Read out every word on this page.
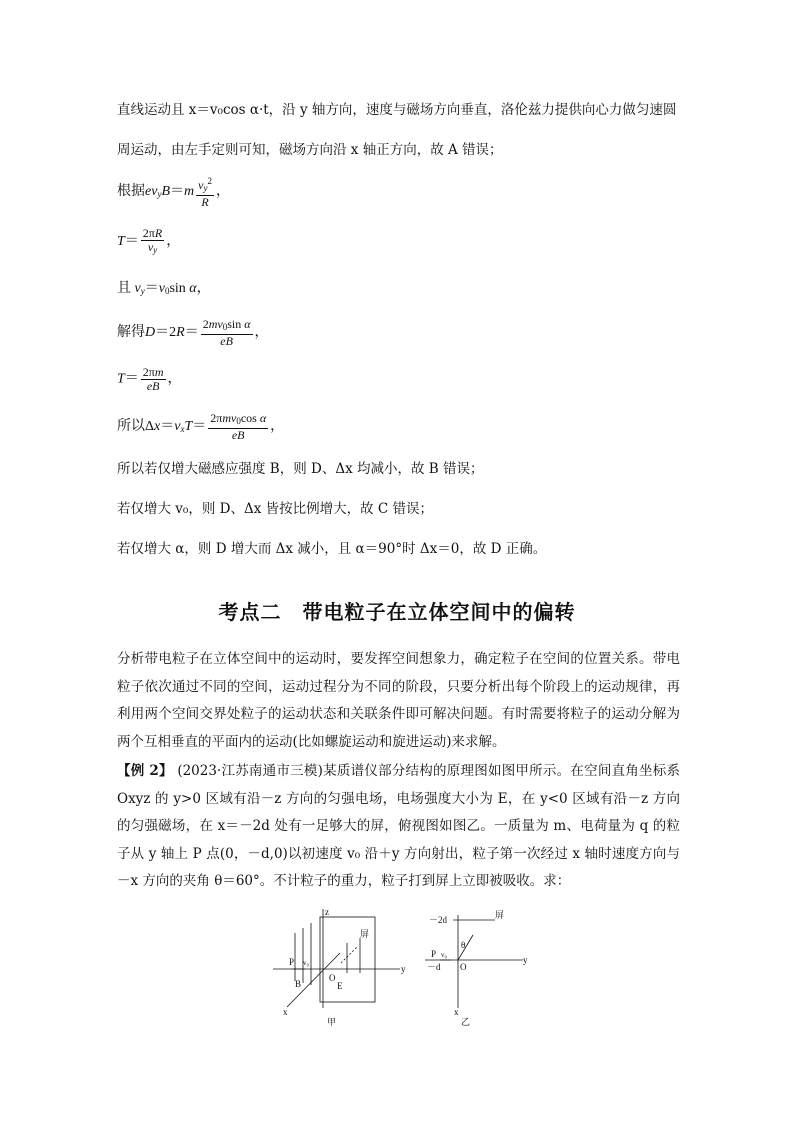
直线运动且 x＝v₀cos α·t，沿 y 轴方向，速度与磁场方向垂直，洛伦兹力提供向心力做匀速圆
周运动，由左手定则可知，磁场方向沿 x 轴正方向，故 A 错误；
根据$ev_yB=m \frac{v_y^2}{R}$ ，
$T= \frac{2\pi R}{v_y}$ ，
且 $v_y=v_0\sin$ α，
解得$D=2R= \frac{2mv_0\sin \alpha}{eB}$ ，
$T= \frac{2\pi m}{eB}$ ，
所以$\Delta x=v_xT= \frac{2\pi mv_0\cos \alpha}{eB}$ ，
所以若仅增大磁感应强度 B，则 D、Δx 均减小，故 B 错误；
若仅增大 v₀，则 D、Δx 皆按比例增大，故 C 错误；
若仅增大 α，则 D 增大而 Δx 减小，且 α＝90°时 Δx＝0，故 D 正确。
考点二　带电粒子在立体空间中的偏转
分析带电粒子在立体空间中的运动时，要发挥空间想象力，确定粒子在空间的位置关系。带电粒子依次通过不同的空间，运动过程分为不同的阶段，只要分析出每个阶段上的运动规律，再利用两个空间交界处粒子的运动状态和关联条件即可解决问题。有时需要将粒子的运动分解为两个互相垂直的平面内的运动(比如螺旋运动和旋进运动)来求解。
【例 2】 (2023·江苏南通市三模)某质谱仪部分结构的原理图如图甲所示。在空间直角坐标系 Oxyz 的 y>0 区域有沿－z 方向的匀强电场，电场强度大小为 E，在 y<0 区域有沿－z 方向的匀强磁场，在 x＝－2d 处有一足够大的屏，俯视图如图乙。一质量为 m、电荷量为 q 的粒子从 y 轴上 P 点(0，－d,0)以初速度 v₀ 沿＋y 方向射出，粒子第一次经过 x 轴时速度方向与－x 方向的夹角 θ＝60°。不计粒子的重力，粒子打到屏上立即被吸收。求：
z
y
x
P v₀
O
E
B
屏
甲
－2d	屏
P v₀
－d O
θ
y
x
乙
